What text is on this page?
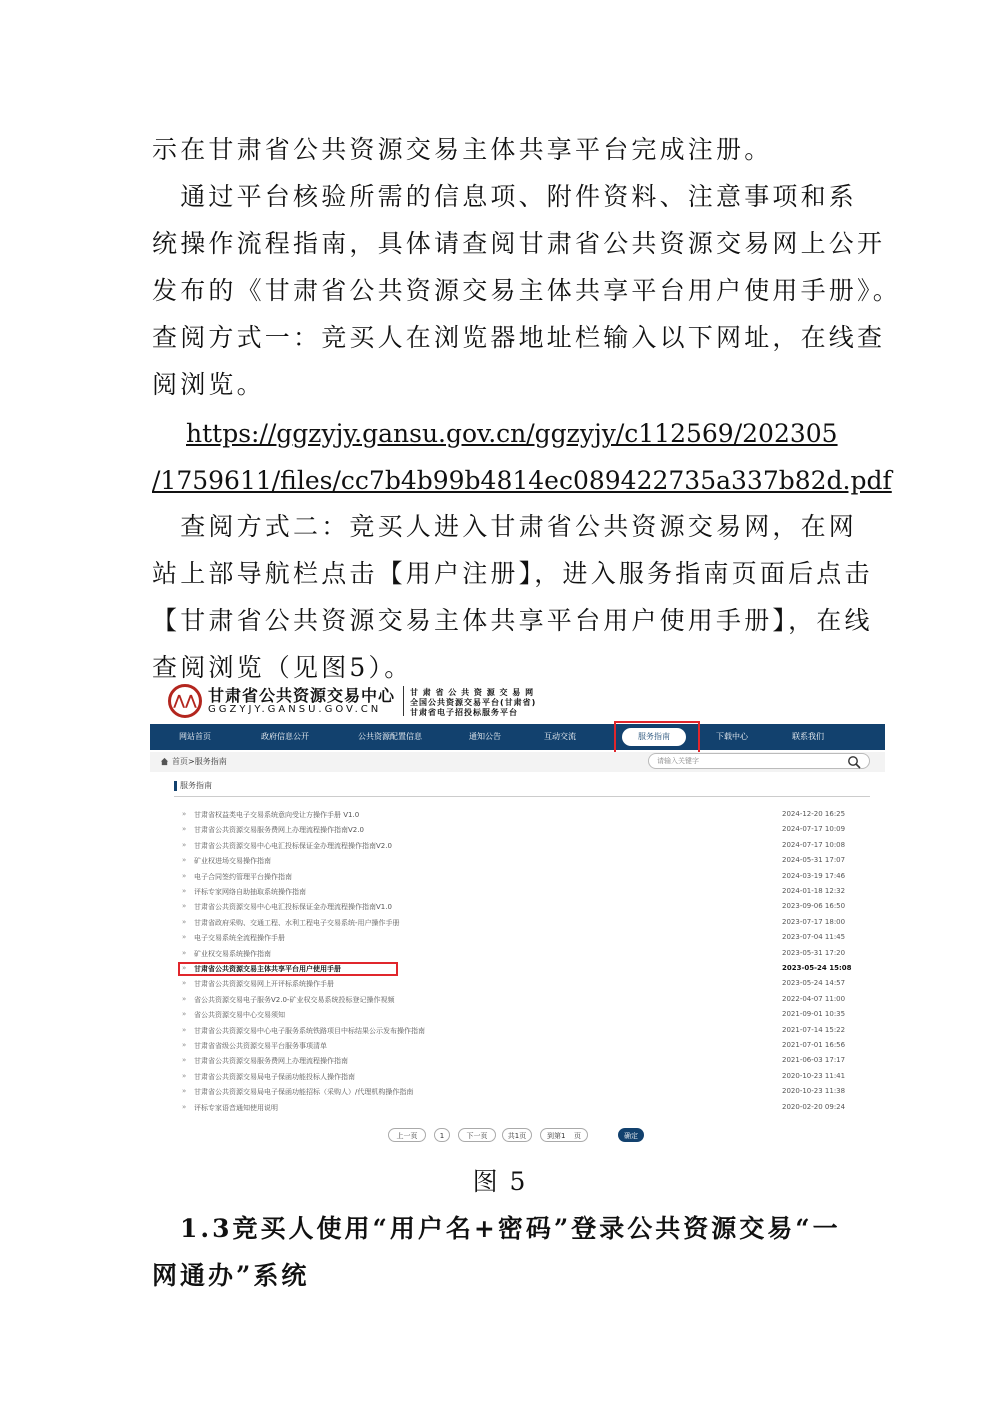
示在甘肃省公共资源交易主体共享平台完成注册。
　通过平台核验所需的信息项、附件资料、注意事项和系
统操作流程指南，具体请查阅甘肃省公共资源交易网上公开
发布的《甘肃省公共资源交易主体共享平台用户使用手册》。
查阅方式一：竞买人在浏览器地址栏输入以下网址，在线查
阅浏览。
https://ggzyjy.gansu.gov.cn/ggzyjy/c112569/202305
/1759611/files/cc7b4b99b4814ec089422735a337b82d.pdf
　查阅方式二：竞买人进入甘肃省公共资源交易网，在网
站上部导航栏点击【用户注册】，进入服务指南页面后点击
【甘肃省公共资源交易主体共享平台用户使用手册】，在线
查阅浏览（见图5）。
⋀⋀ 甘肃省公共资源交易中心
GGZYJY.GANSU.GOV.CN
甘 肃 省 公 共 资 源 交 易 网
全国公共资源交易平台(甘肃省)
甘肃省电子招投标服务平台
网站首页	政府信息公开	公共资源配置信息	通知公告	互动交流	服务指南	下载中心	联系我们
首页>服务指南	请输入关键字
服务指南
» 甘肃省权益类电子交易系统意向受让方操作手册 V1.0	2024-12-20 16:25
» 甘肃省公共资源交易服务费网上办理流程操作指南V2.0	2024-07-17 10:09
» 甘肃省公共资源交易中心电汇投标保证金办理流程操作指南V2.0	2024-07-17 10:08
» 矿业权进场交易操作指南	2024-05-31 17:07
» 电子合同签约管理平台操作指南	2024-03-19 17:46
» 评标专家网络自助抽取系统操作指南	2024-01-18 12:32
» 甘肃省公共资源交易中心电汇投标保证金办理流程操作指南V1.0	2023-09-06 16:50
» 甘肃省政府采购、交通工程、水利工程电子交易系统-用户操作手册	2023-07-17 18:00
» 电子交易系统全流程操作手册	2023-07-04 11:45
» 矿业权交易系统操作指南	2023-05-31 17:20
» 甘肃省公共资源交易主体共享平台用户使用手册	2023-05-24 15:08
» 甘肃省公共资源交易网上开评标系统操作手册	2023-05-24 14:57
» 省公共资源交易电子服务V2.0-矿业权交易系统投标登记操作视频	2022-04-07 11:00
» 省公共资源交易中心交易须知	2021-09-01 10:35
» 甘肃省公共资源交易中心电子服务系统铁路项目中标结果公示发布操作指南	2021-07-14 15:22
» 甘肃省省级公共资源交易平台服务事项清单	2021-07-01 16:56
» 甘肃省公共资源交易服务费网上办理流程操作指南	2021-06-03 17:17
» 甘肃省公共资源交易局电子保函功能投标人操作指南	2020-10-23 11:41
» 甘肃省公共资源交易局电子保函功能招标（采购人）/代理机构操作指南	2020-10-23 11:38
» 评标专家语音通知使用说明	2020-02-20 09:24
上一页	1	下一页	共1页	到第1 页	确定
图 5
　1.3竞买人使用“用户名+密码”登录公共资源交易“一
网通办”系统
